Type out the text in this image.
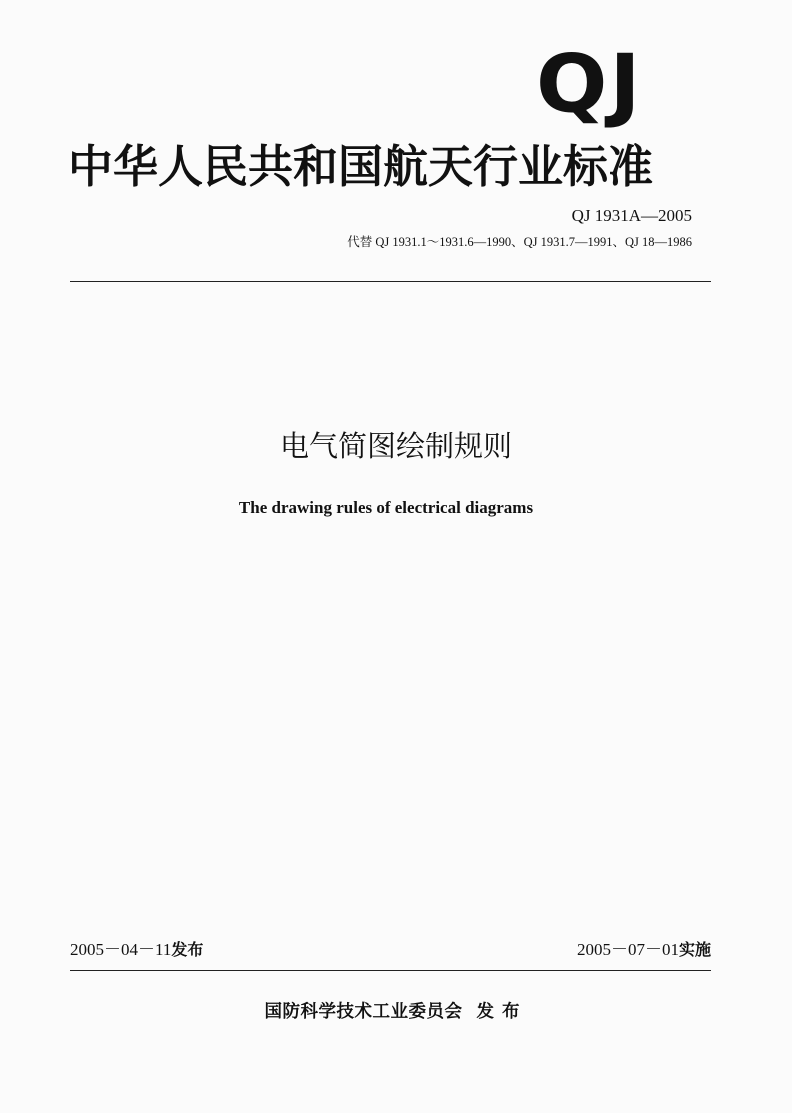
QJ
中华人民共和国航天行业标准
QJ 1931A—2005
代替 QJ 1931.1～1931.6—1990、QJ 1931.7—1991、QJ 18—1986
电气简图绘制规则
The drawing rules of electrical diagrams
2005－04－11发布	2005－07－01实施
国防科学技术工业委员会 发布
